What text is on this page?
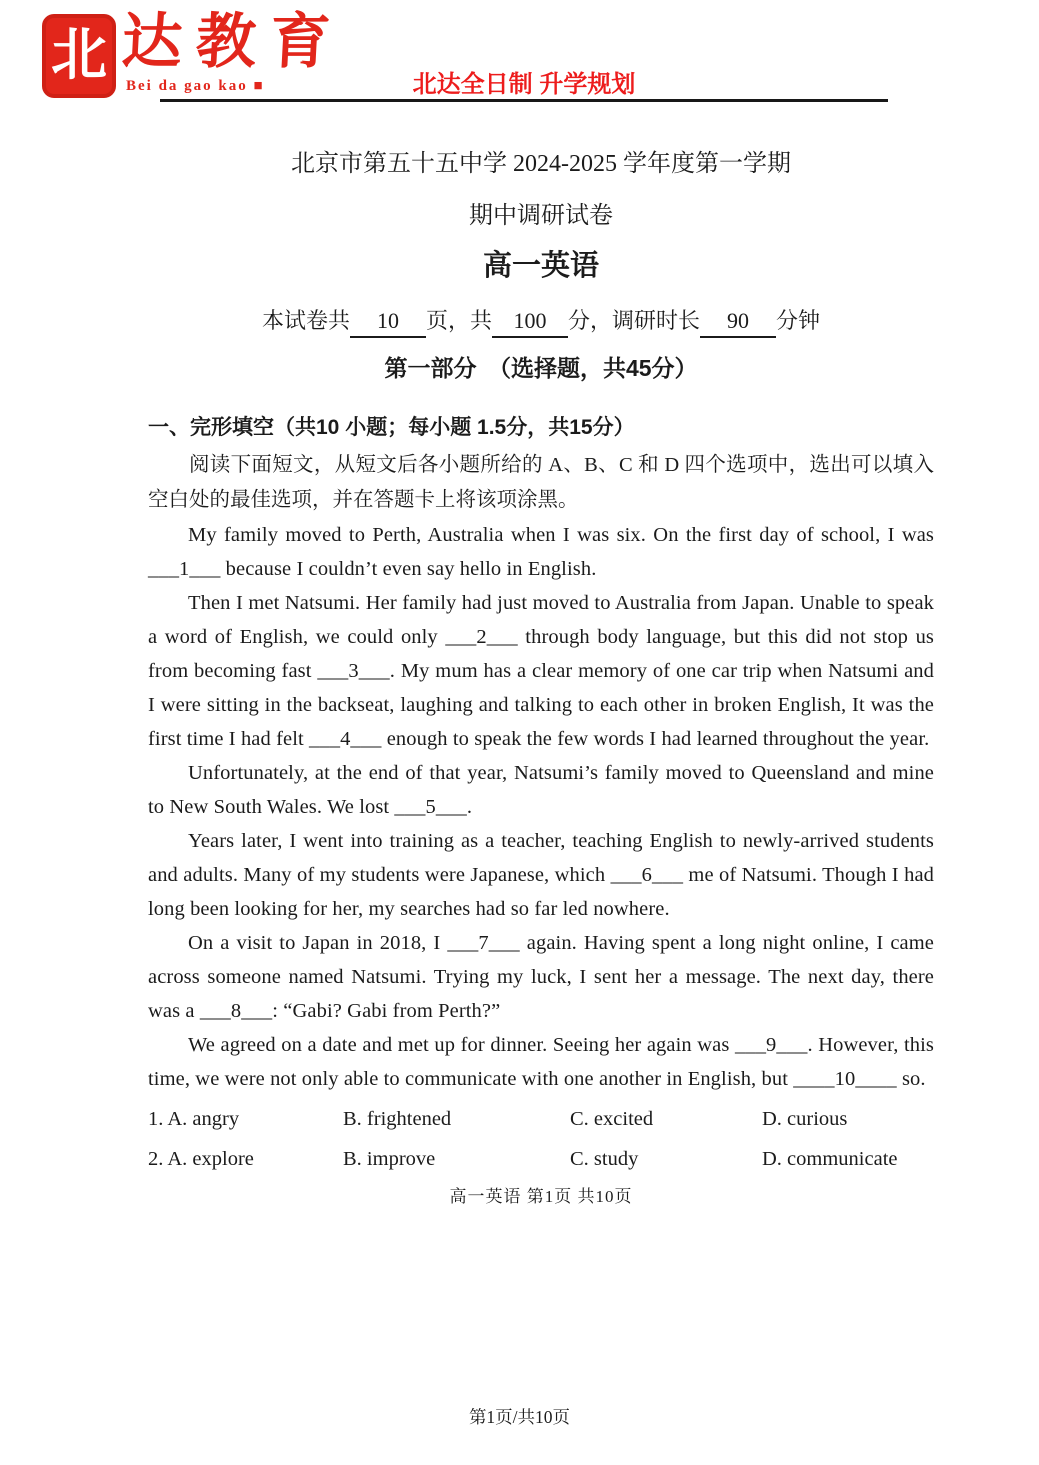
北 达教育
Bei da gao kao ■	北达全日制 升学规划
北京市第五十五中学 2024-2025 学年度第一学期
期中调研试卷
高一英语

本试卷共 10 页，共 100 分，调研时长 90 分钟

第一部分　（选择题，共45分）
一、完形填空（共10 小题；每小题 1.5分，共15分）

阅读下面短文，从短文后各小题所给的 A、B、C 和 D 四个选项中，选出可以填入空白处的最佳选项，并在答题卡上将该项涂黑。

My family moved to Perth, Australia when I was six. On the first day of school, I was ___1___ because I couldn’t even say hello in English.

Then I met Natsumi. Her family had just moved to Australia from Japan. Unable to speak a word of English, we could only ___2___ through body language, but this did not stop us from becoming fast ___3___. My mum has a clear memory of one car trip when Natsumi and I were sitting in the backseat, laughing and talking to each other in broken English, It was the first time I had felt ___4___ enough to speak the few words I had learned throughout the year.

Unfortunately, at the end of that year, Natsumi’s family moved to Queensland and mine to New South Wales. We lost ___5___.

Years later, I went into training as a teacher, teaching English to newly-arrived students and adults. Many of my students were Japanese, which ___6___ me of Natsumi. Though I had long been looking for her, my searches had so far led nowhere.

On a visit to Japan in 2018, I ___7___ again. Having spent a long night online, I came across someone named Natsumi. Trying my luck, I sent her a message. The next day, there was a ___8___: “Gabi? Gabi from Perth?”

We agreed on a date and met up for dinner. Seeing her again was ___9___. However, this time, we were not only able to communicate with one another in English, but ____10____ so.

1. A. angry	B. frightened	C. excited	D. curious
2. A. explore	B. improve	C. study	D. communicate
高一英语 第1页 共10页
第1页/共10页
